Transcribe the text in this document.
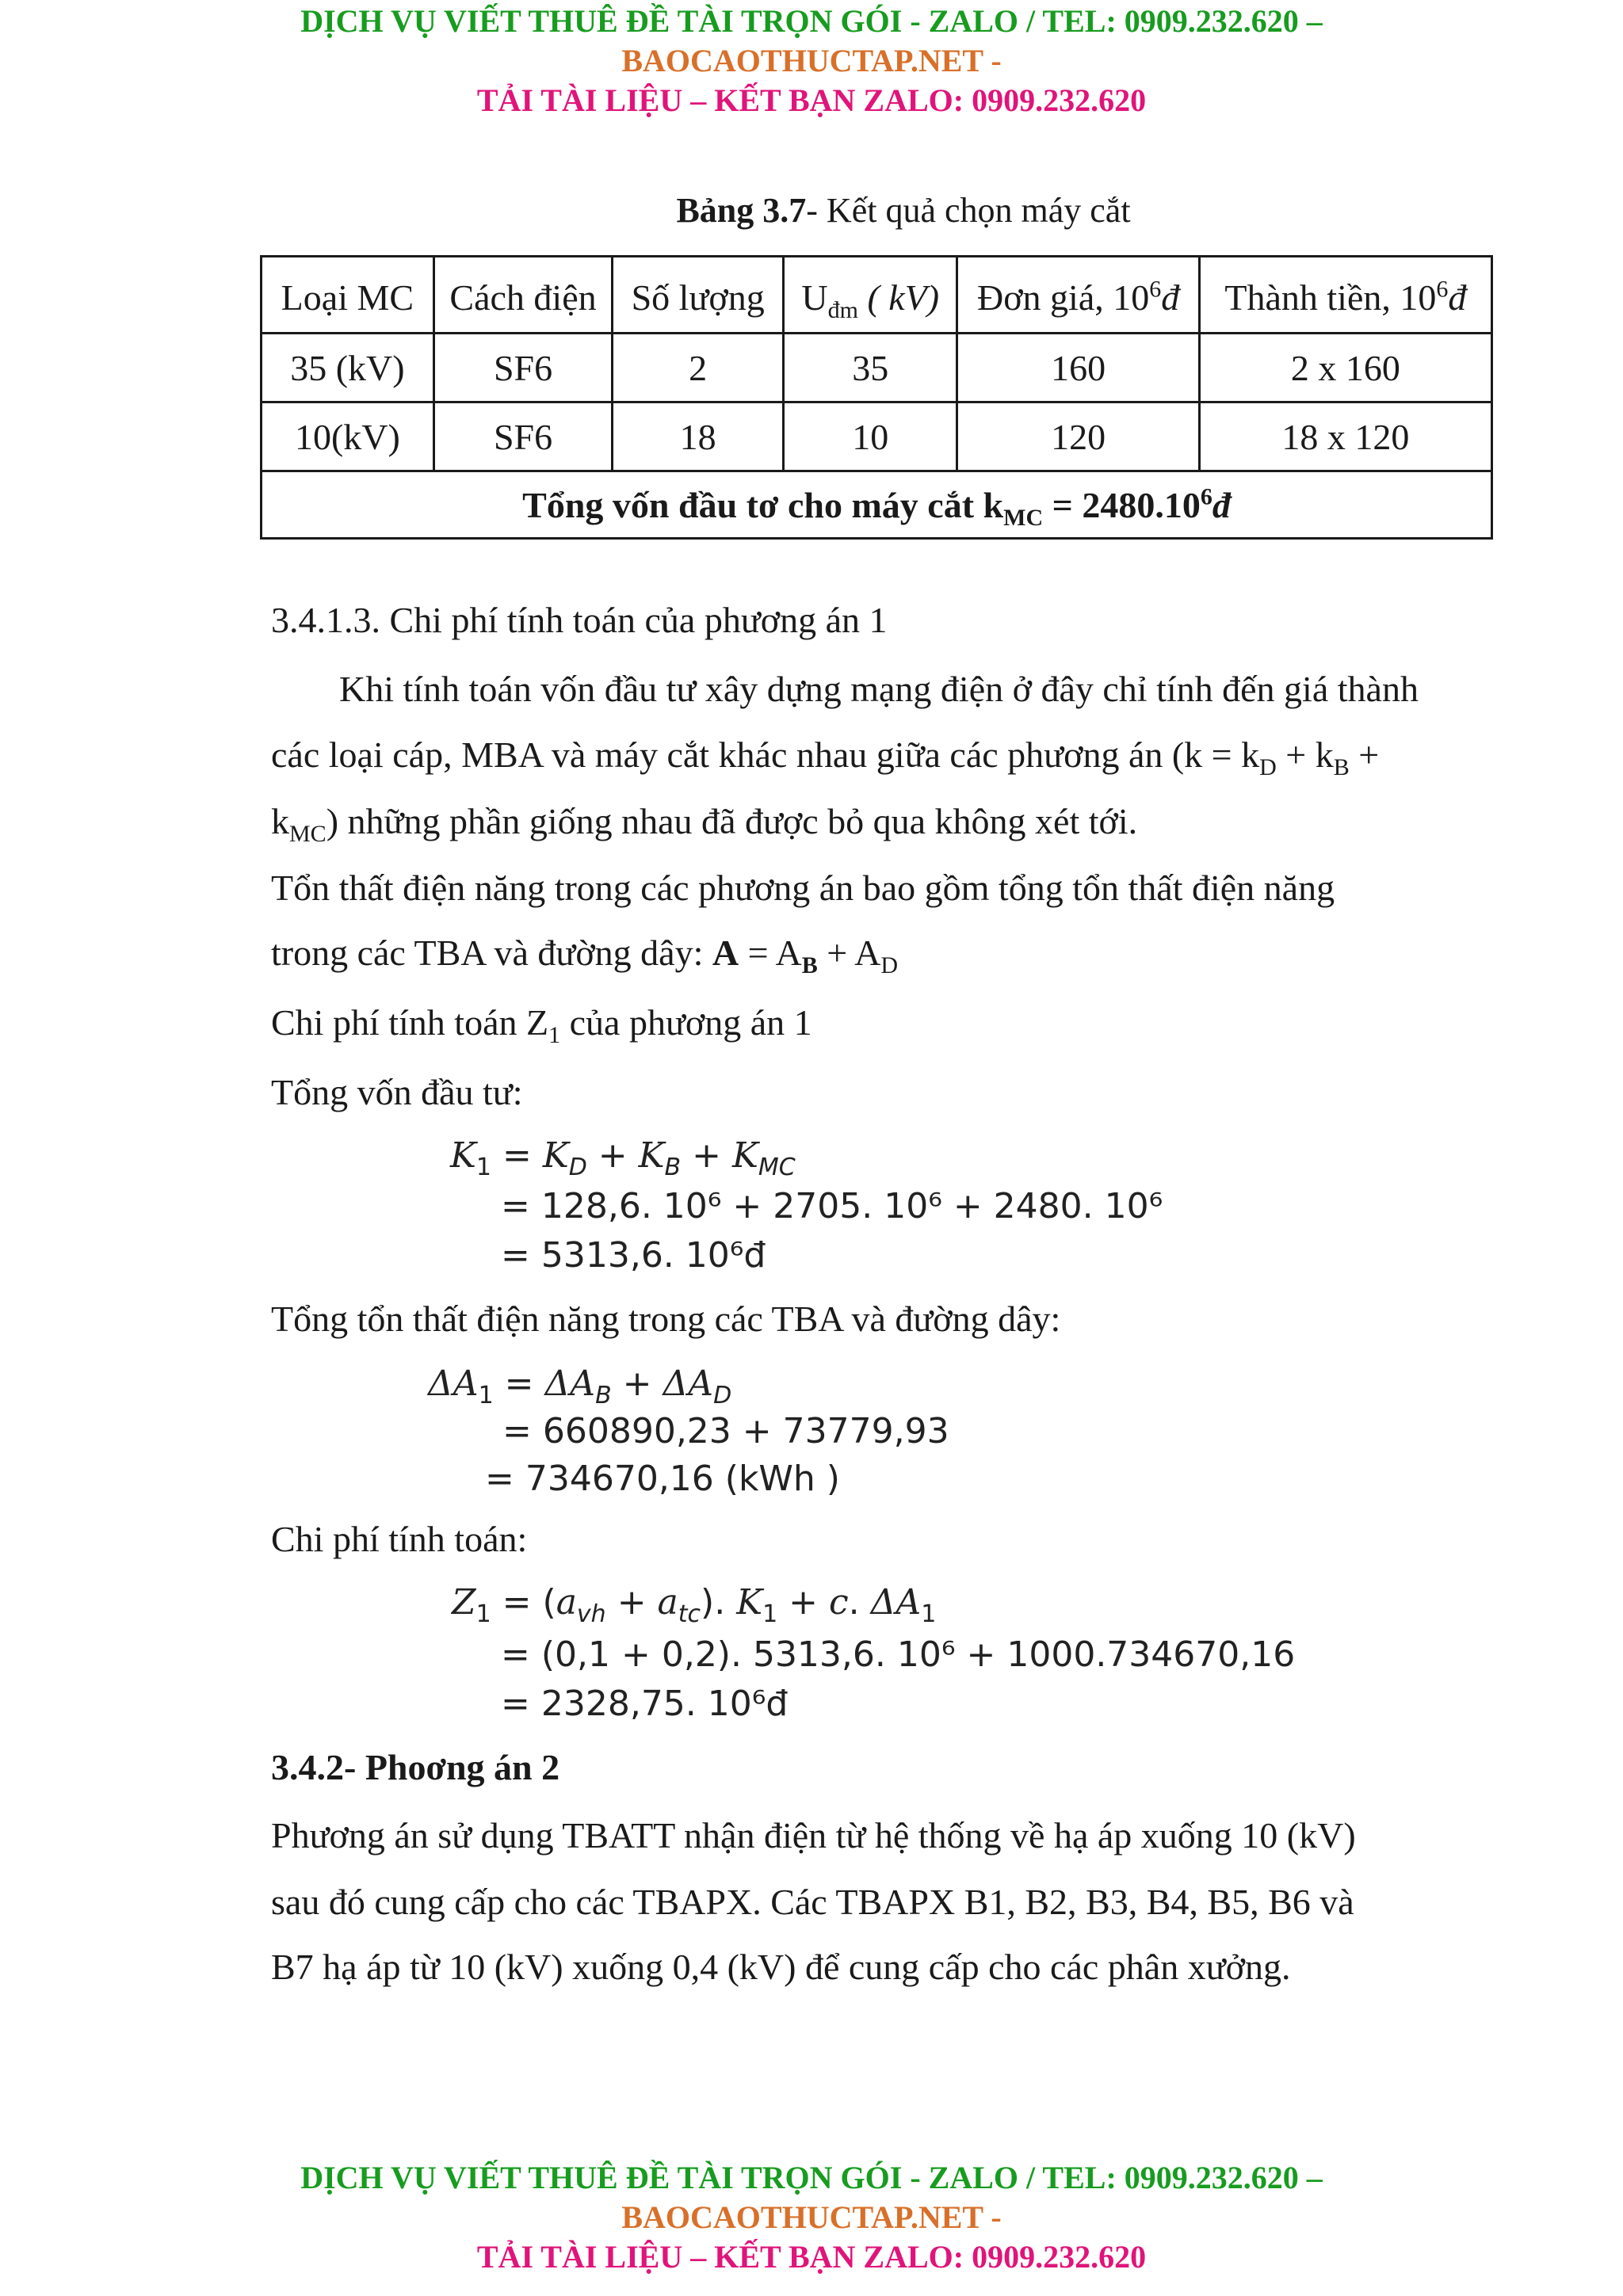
DỊCH VỤ VIẾT THUÊ ĐỀ TÀI TRỌN GÓI - ZALO / TEL: 0909.232.620 –
BAOCAOTHUCTAP.NET -
TẢI TÀI LIỆU – KẾT BẠN ZALO: 0909.232.620
Bảng 3.7- Kết quả chọn máy cắt
Loại MC	Cách điện	Số lượng	$U_{đm}$ ( kV)	Đơn giá, $10^6đ$	Thành tiền, $10^6đ$
35 (kV)	SF6	2	35	160	2 x 160
10(kV)	SF6	18	10	120	18 x 120
Tổng vốn đầu tơ cho máy cắt $k_{MC}$ = $2480.10^6đ$					
3.4.1.3. Chi phí tính toán của phương án 1
Khi tính toán vốn đầu tư xây dựng mạng điện ở đây chỉ tính đến giá thành
các loại cáp, MBA và máy cắt khác nhau giữa các phương án ($k = k_D + k_B$ +
$k_{MC}$) những phần giống nhau đã được bỏ qua không xét tới.
Tổn thất điện năng trong các phương án bao gồm tổng tổn thất điện năng
trong các TBA và đường dây: $A = A_B + A_D$
Chi phí tính toán $Z_1$ của phương án 1
Tổng vốn đầu tư:
$K_1 = K_D + K_B + K_{MC}$
= 128,6. 10⁶ + 2705. 10⁶ + 2480. 10⁶
= 5313,6. 10⁶đ
Tổng tổn thất điện năng trong các TBA và đường dây:
$\Delta A_1 = \Delta A_B + \Delta A_D$
= 660890,23 + 73779,93
= 734670,16 (kWh )
Chi phí tính toán:
$Z_1 = (a_{vh} + a_{tc})$. $K_1 + c$. $\Delta A_1$
= (0,1 + 0,2). 5313,6. 10⁶ + 1000.734670,16
= 2328,75. 10⁶đ
3.4.2- Phoơng án 2
Phương án sử dụng TBATT nhận điện từ hệ thống về hạ áp xuống 10 (kV)
sau đó cung cấp cho các TBAPX. Các TBAPX B1, B2, B3, B4, B5, B6 và
B7 hạ áp từ 10 (kV) xuống 0,4 (kV) để cung cấp cho các phân xưởng.
DỊCH VỤ VIẾT THUÊ ĐỀ TÀI TRỌN GÓI - ZALO / TEL: 0909.232.620 –
BAOCAOTHUCTAP.NET -
TẢI TÀI LIỆU – KẾT BẠN ZALO: 0909.232.620
